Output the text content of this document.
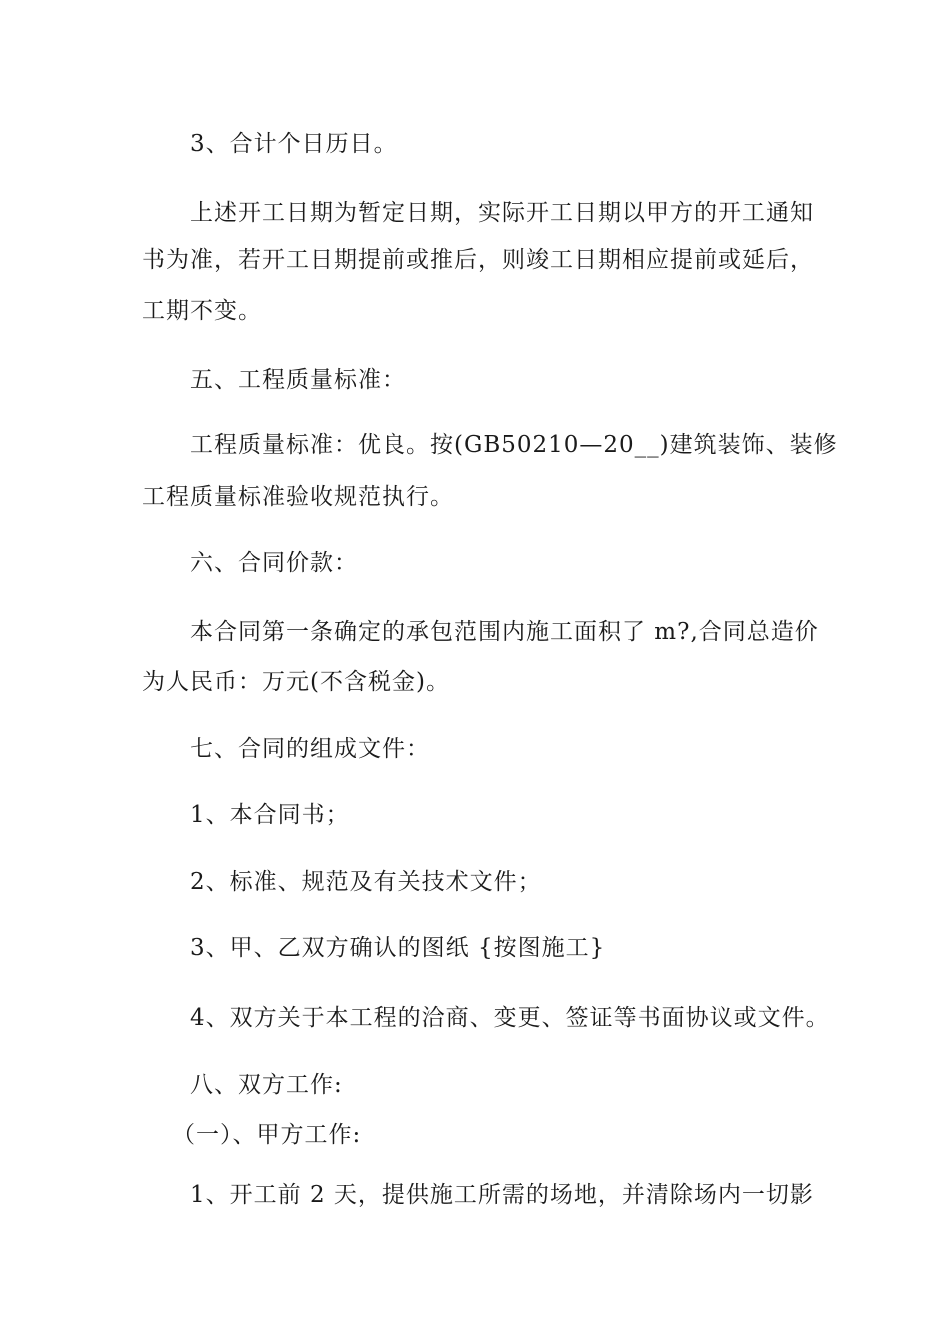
3、合计个日历日。
上述开工日期为暂定日期，实际开工日期以甲方的开工通知
书为准，若开工日期提前或推后，则竣工日期相应提前或延后，
工期不变。
五、工程质量标准：
工程质量标准：优良。按(GB50210—20__)建筑装饰、装修
工程质量标准验收规范执行。
六、合同价款：
本合同第一条确定的承包范围内施工面积了 m?,合同总造价
为人民币：万元(不含税金)。
七、合同的组成文件：
1、本合同书；
2、标准、规范及有关技术文件；
3、甲、乙双方确认的图纸 {按图施工}
4、双方关于本工程的洽商、变更、签证等书面协议或文件。
八、双方工作:
（一）、甲方工作:
1、开工前 2 天，提供施工所需的场地，并清除场内一切影
